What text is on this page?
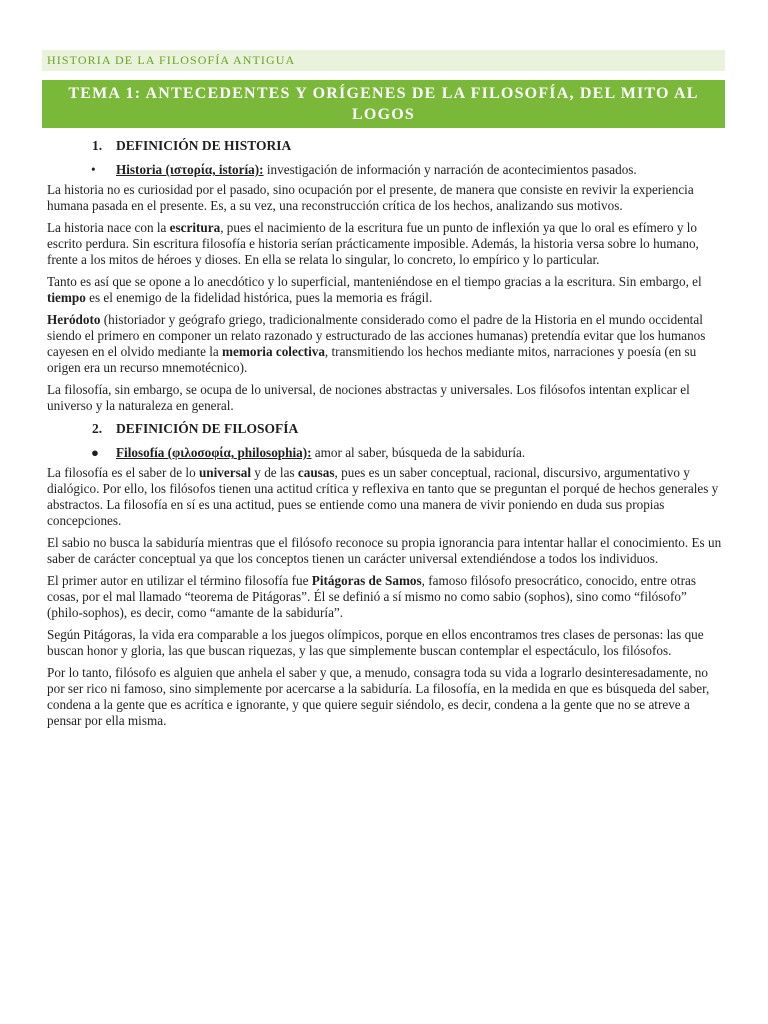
HISTORIA DE LA FILOSOFÍA ANTIGUA
TEMA 1: ANTECEDENTES Y ORÍGENES DE LA FILOSOFÍA, DEL MITO AL LOGOS
1. DEFINICIÓN DE HISTORIA
• Historia (ιστορία, istoría): investigación de información y narración de acontecimientos pasados.

La historia no es curiosidad por el pasado, sino ocupación por el presente, de manera que consiste en revivir la experiencia humana pasada en el presente. Es, a su vez, una reconstrucción crítica de los hechos, analizando sus motivos.

La historia nace con la escritura, pues el nacimiento de la escritura fue un punto de inflexión ya que lo oral es efímero y lo escrito perdura. Sin escritura filosofía e historia serían prácticamente imposible. Además, la historia versa sobre lo humano, frente a los mitos de héroes y dioses. En ella se relata lo singular, lo concreto, lo empírico y lo particular.

Tanto es así que se opone a lo anecdótico y lo superficial, manteniéndose en el tiempo gracias a la escritura. Sin embargo, el tiempo es el enemigo de la fidelidad histórica, pues la memoria es frágil.

Heródoto (historiador y geógrafo griego, tradicionalmente considerado como el padre de la Historia en el mundo occidental siendo el primero en componer un relato razonado y estructurado de las acciones humanas) pretendía evitar que los humanos cayesen en el olvido mediante la memoria colectiva, transmitiendo los hechos mediante mitos, narraciones y poesía (en su origen era un recurso mnemotécnico).

La filosofía, sin embargo, se ocupa de lo universal, de nociones abstractas y universales. Los filósofos intentan explicar el universo y la naturaleza en general.

2. DEFINICIÓN DE FILOSOFÍA
● Filosofía (φιλοσοφία, philosophia): amor al saber, búsqueda de la sabiduría.

La filosofía es el saber de lo universal y de las causas, pues es un saber conceptual, racional, discursivo, argumentativo y dialógico. Por ello, los filósofos tienen una actitud crítica y reflexiva en tanto que se preguntan el porqué de hechos generales y abstractos. La filosofía en sí es una actitud, pues se entiende como una manera de vivir poniendo en duda sus propias concepciones.

El sabio no busca la sabiduría mientras que el filósofo reconoce su propia ignorancia para intentar hallar el conocimiento. Es un saber de carácter conceptual ya que los conceptos tienen un carácter universal extendiéndose a todos los individuos.

El primer autor en utilizar el término filosofía fue Pitágoras de Samos, famoso filósofo presocrático, conocido, entre otras cosas, por el mal llamado “teorema de Pitágoras”. Él se definió a sí mismo no como sabio (sophos), sino como “filósofo” (philo-sophos), es decir, como “amante de la sabiduría”.

Según Pitágoras, la vida era comparable a los juegos olímpicos, porque en ellos encontramos tres clases de personas: las que buscan honor y gloria, las que buscan riquezas, y las que simplemente buscan contemplar el espectáculo, los filósofos.

Por lo tanto, filósofo es alguien que anhela el saber y que, a menudo, consagra toda su vida a lograrlo desinteresadamente, no por ser rico ni famoso, sino simplemente por acercarse a la sabiduría. La filosofía, en la medida en que es búsqueda del saber, condena a la gente que es acrítica e ignorante, y que quiere seguir siéndolo, es decir, condena a la gente que no se atreve a pensar por ella misma.
